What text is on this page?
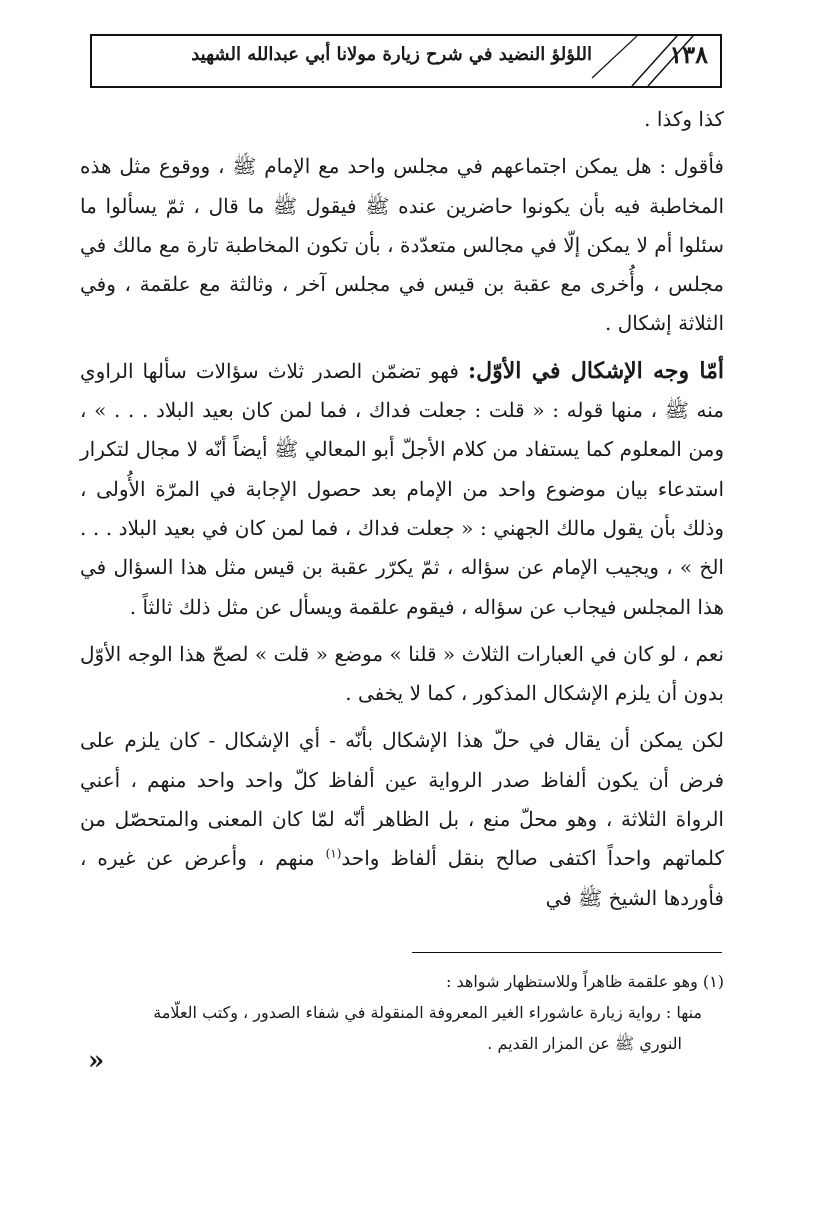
اللؤلؤ النضيد في شرح زيارة مولانا أبي عبدالله الشهيد	١٣٨

كذا وكذا .

فأقول : هل يمكن اجتماعهم في مجلس واحد مع الإمام ﷺ ، ووقوع مثل هذه المخاطبة فيه بأن يكونوا حاضرين عنده ﷺ فيقول ﷺ ما قال ، ثمّ يسألوا ما سئلوا أم لا يمكن إلّا في مجالس متعدّدة ، بأن تكون المخاطبة تارة مع مالك في مجلس ، وأُخرى مع عقبة بن قيس في مجلس آخر ، وثالثة مع علقمة ، وفي الثلاثة إشكال .

أمّا وجه الإشكال في الأوّل: فهو تضمّن الصدر ثلاث سؤالات سألها الراوي منه ﷺ ، منها قوله : « قلت : جعلت فداك ، فما لمن كان بعيد البلاد . . . » ، ومن المعلوم كما يستفاد من كلام الأجلّ أبو المعالي ﷺ أيضاً أنّه لا مجال لتكرار استدعاء بيان موضوع واحد من الإمام بعد حصول الإجابة في المرّة الأُولى ، وذلك بأن يقول مالك الجهني : « جعلت فداك ، فما لمن كان في بعيد البلاد . . . الخ » ، ويجيب الإمام عن سؤاله ، ثمّ يكرّر عقبة بن قيس مثل هذا السؤال في هذا المجلس فيجاب عن سؤاله ، فيقوم علقمة ويسأل عن مثل ذلك ثالثاً .

نعم ، لو كان في العبارات الثلاث « قلنا » موضع « قلت » لصحّ هذا الوجه الأوّل بدون أن يلزم الإشكال المذكور ، كما لا يخفى .

لكن يمكن أن يقال في حلّ هذا الإشكال بأنّه - أي الإشكال - كان يلزم على فرض أن يكون ألفاظ صدر الرواية عين ألفاظ كلّ واحد واحد منهم ، أعني الرواة الثلاثة ، وهو محلّ منع ، بل الظاهر أنّه لمّا كان المعنى والمتحصّل من كلماتهم واحداً اكتفى صالح بنقل ألفاظ واحد$^{(١)}$ منهم ، وأعرض عن غيره ، فأوردها الشيخ ﷺ في

(١) وهو علقمة ظاهراً وللاستظهار شواهد :

منها : رواية زيارة عاشوراء الغير المعروفة المنقولة في شفاء الصدور ، وكتب العلّامة

النوري ﷺ عن المزار القديم .

»
